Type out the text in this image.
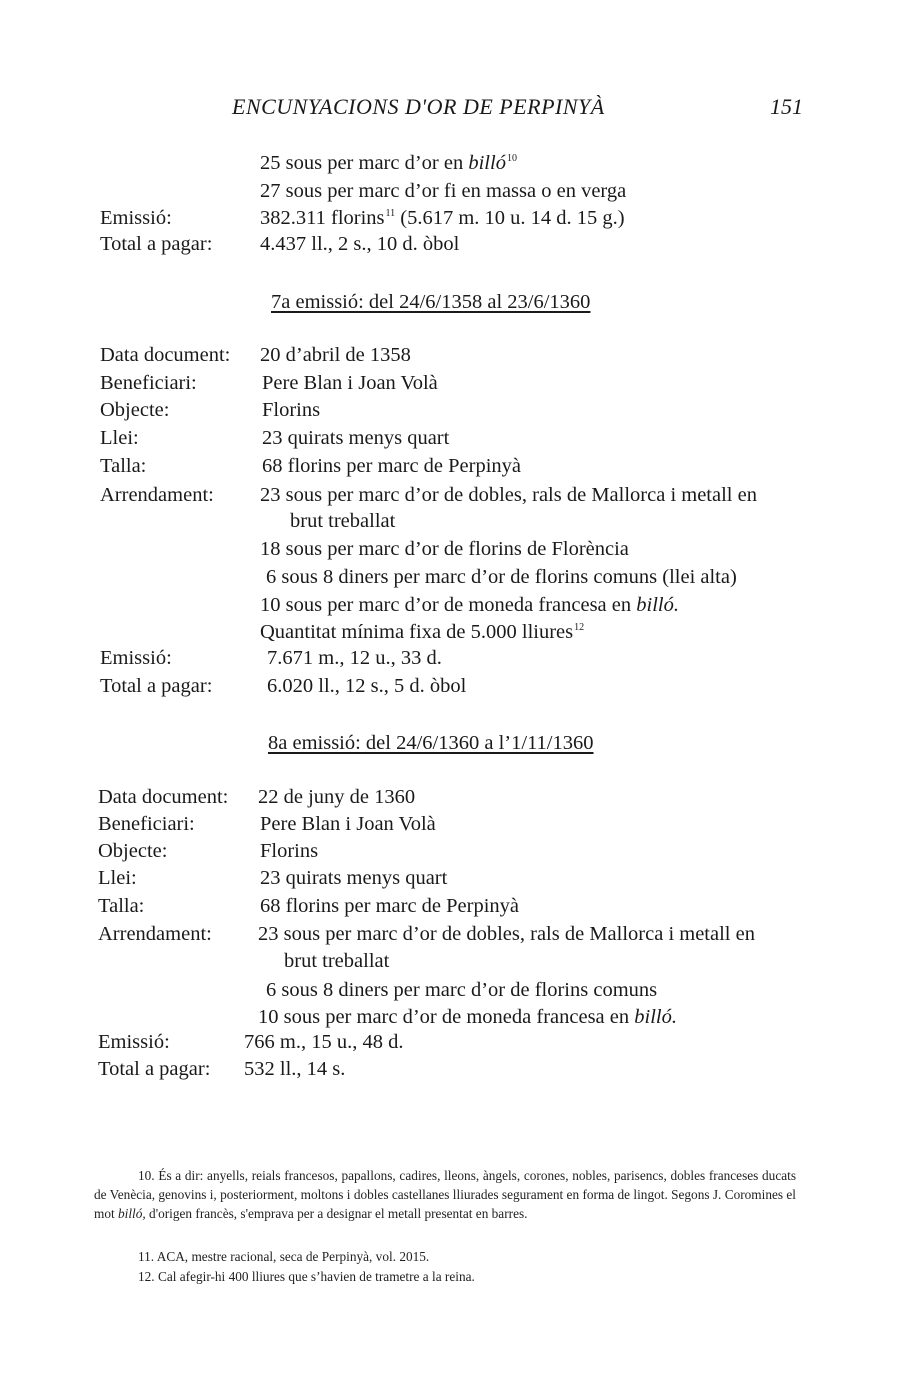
ENCUNYACIONS D'OR DE PERPINYÀ	151
25 sous per marc d’or en billó$^{10}$
27 sous per marc d’or fi en massa o en verga
Emissió:	382.311 florins$^{11}$ (5.617 m. 10 u. 14 d. 15 g.)
Total a pagar: 4.437 ll., 2 s., 10 d. òbol
7a emissió: del 24/6/1358 al 23/6/1360
Data document: 20 d’abril de 1358
Beneficiari:	Pere Blan i Joan Volà
Objecte:	Florins
Llei:	23 quirats menys quart
Talla:	68 florins per marc de Perpinyà
Arrendament: 23 sous per marc d’or de dobles, rals de Mallorca i metall en
brut treballat
18 sous per marc d’or de florins de Florència
6 sous 8 diners per marc d’or de florins comuns (llei alta)
10 sous per marc d’or de moneda francesa en billó.
Quantitat mínima fixa de 5.000 lliures$^{12}$
Emissió:	7.671 m., 12 u., 33 d.
Total a pagar:	6.020 ll., 12 s., 5 d. òbol
8a emissió: del 24/6/1360 a l’1/11/1360
Data document: 22 de juny de 1360
Beneficiari:	Pere Blan i Joan Volà
Objecte:	Florins
Llei:	23 quirats menys quart
Talla:	68 florins per marc de Perpinyà
Arrendament: 23 sous per marc d’or de dobles, rals de Mallorca i metall en
brut treballat
6 sous 8 diners per marc d’or de florins comuns
10 sous per marc d’or de moneda francesa en billó.
Emissió:	766 m., 15 u., 48 d.
Total a pagar: 532 ll., 14 s.
10. És a dir: anyells, reials francesos, papallons, cadires, lleons, àngels, corones, nobles, parisencs, dobles franceses ducats de Venècia, genovins i, posteriorment, moltons i dobles castellanes lliurades segurament en forma de lingot. Segons J. Coromines el mot billó, d'origen francès, s'emprava per a designar el metall presentat en barres.
11. ACA, mestre racional, seca de Perpinyà, vol. 2015.
12. Cal afegir-hi 400 lliures que s’havien de trametre a la reina.
